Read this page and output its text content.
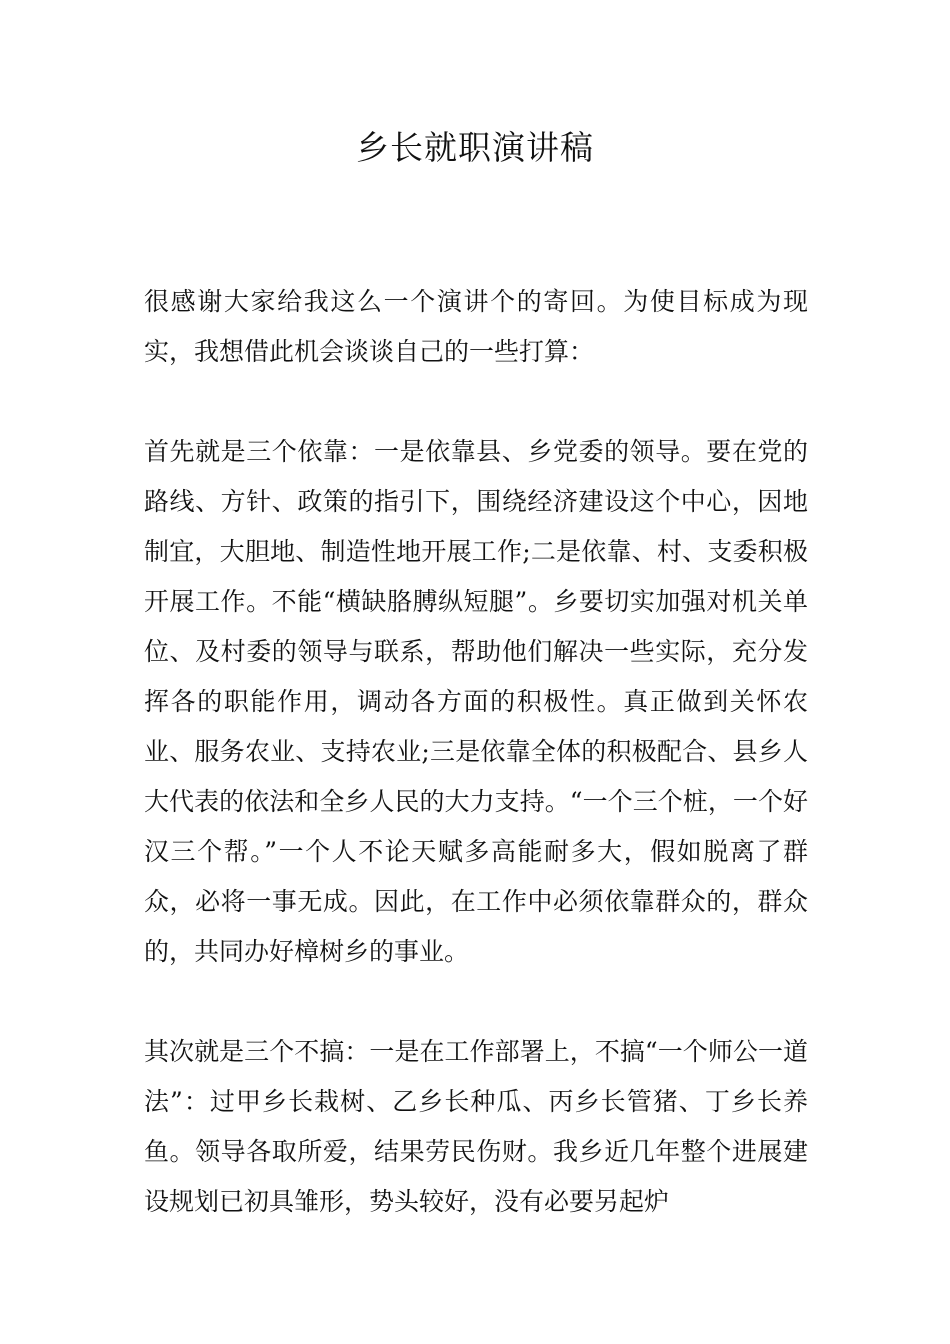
乡长就职演讲稿

很感谢大家给我这么一个演讲个的寄回。为使目标成为现实，我想借此机会谈谈自己的一些打算：

首先就是三个依靠：一是依靠县、乡党委的领导。要在党的路线、方针、政策的指引下，围绕经济建设这个中心，因地制宜，大胆地、制造性地开展工作;二是依靠、村、支委积极开展工作。不能“横缺胳膊纵短腿”。乡要切实加强对机关单位、及村委的领导与联系，帮助他们解决一些实际，充分发挥各的职能作用，调动各方面的积极性。真正做到关怀农业、服务农业、支持农业;三是依靠全体的积极配合、县乡人大代表的依法和全乡人民的大力支持。“一个三个桩，一个好汉三个帮。”一个人不论天赋多高能耐多大，假如脱离了群众，必将一事无成。因此，在工作中必须依靠群众的，群众的，共同办好樟树乡的事业。

其次就是三个不搞：一是在工作部署上，不搞“一个师公一道法”：过甲乡长栽树、乙乡长种瓜、丙乡长管猪、丁乡长养鱼。领导各取所爱，结果劳民伤财。我乡近几年整个进展建设规划已初具雏形，势头较好，没有必要另起炉
